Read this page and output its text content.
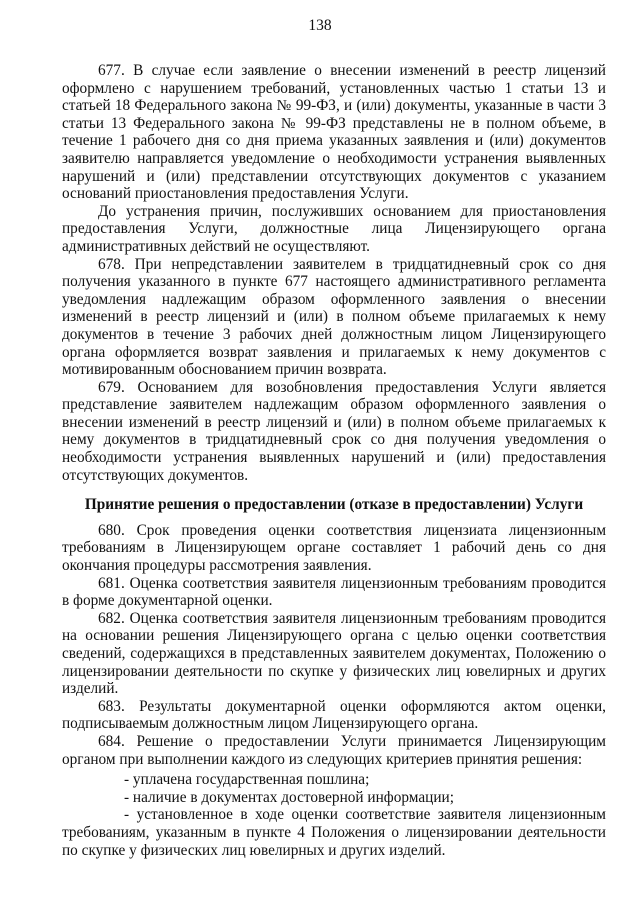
138

677. В случае если заявление о внесении изменений в реестр лицензий оформлено с нарушением требований, установленных частью 1 статьи 13 и статьей 18 Федерального закона № 99-ФЗ, и (или) документы, указанные в части 3 статьи 13 Федерального закона № 99-ФЗ представлены не в полном объеме, в течение 1 рабочего дня со дня приема указанных заявления и (или) документов заявителю направляется уведомление о необходимости устранения выявленных нарушений и (или) представлении отсутствующих документов с указанием оснований приостановления предоставления Услуги.

До устранения причин, послуживших основанием для приостановления предоставления Услуги, должностные лица Лицензирующего органа административных действий не осуществляют.

678. При непредставлении заявителем в тридцатидневный срок со дня получения указанного в пункте 677 настоящего административного регламента уведомления надлежащим образом оформленного заявления о внесении изменений в реестр лицензий и (или) в полном объеме прилагаемых к нему документов в течение 3 рабочих дней должностным лицом Лицензирующего органа оформляется возврат заявления и прилагаемых к нему документов с мотивированным обоснованием причин возврата.

679. Основанием для возобновления предоставления Услуги является представление заявителем надлежащим образом оформленного заявления о внесении изменений в реестр лицензий и (или) в полном объеме прилагаемых к нему документов в тридцатидневный срок со дня получения уведомления о необходимости устранения выявленных нарушений и (или) предоставления отсутствующих документов.

Принятие решения о предоставлении (отказе в предоставлении) Услуги

680. Срок проведения оценки соответствия лицензиата лицензионным требованиям в Лицензирующем органе составляет 1 рабочий день со дня окончания процедуры рассмотрения заявления.

681. Оценка соответствия заявителя лицензионным требованиям проводится в форме документарной оценки.

682. Оценка соответствия заявителя лицензионным требованиям проводится на основании решения Лицензирующего органа с целью оценки соответствия сведений, содержащихся в представленных заявителем документах, Положению о лицензировании деятельности по скупке у физических лиц ювелирных и других изделий.

683. Результаты документарной оценки оформляются актом оценки, подписываемым должностным лицом Лицензирующего органа.

684. Решение о предоставлении Услуги принимается Лицензирующим органом при выполнении каждого из следующих критериев принятия решения:

- уплачена государственная пошлина;
- наличие в документах достоверной информации;
- установленное в ходе оценки соответствие заявителя лицензионным требованиям, указанным в пункте 4 Положения о лицензировании деятельности по скупке у физических лиц ювелирных и других изделий.
